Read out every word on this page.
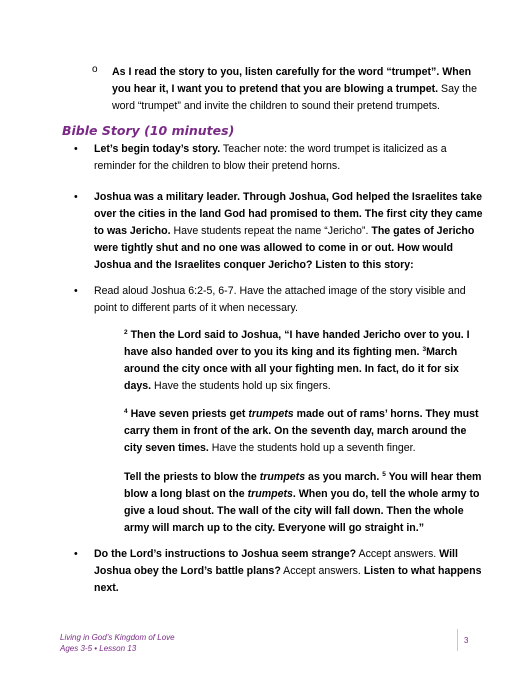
o As I read the story to you, listen carefully for the word “trumpet”. When you hear it, I want you to pretend that you are blowing a trumpet. Say the word “trumpet” and invite the children to sound their pretend trumpets.

Bible Story (10 minutes)
• Let’s begin today’s story. Teacher note: the word trumpet is italicized as a reminder for the children to blow their pretend horns.

• Joshua was a military leader. Through Joshua, God helped the Israelites take over the cities in the land God had promised to them. The first city they came to was Jericho. Have students repeat the name “Jericho”. The gates of Jericho were tightly shut and no one was allowed to come in or out. How would Joshua and the Israelites conquer Jericho? Listen to this story:

• Read aloud Joshua 6:2-5, 6-7. Have the attached image of the story visible and point to different parts of it when necessary.

$^2$ Then the Lord said to Joshua, “I have handed Jericho over to you. I have also handed over to you its king and its fighting men. $^3$March around the city once with all your fighting men. In fact, do it for six days. Have the students hold up six fingers.

$^4$ Have seven priests get trumpets made out of rams’ horns. They must carry them in front of the ark. On the seventh day, march around the city seven times. Have the students hold up a seventh finger.

Tell the priests to blow the trumpets as you march. $^5$ You will hear them blow a long blast on the trumpets. When you do, tell the whole army to give a loud shout. The wall of the city will fall down. Then the whole army will march up to the city. Everyone will go straight in.”

• Do the Lord’s instructions to Joshua seem strange? Accept answers. Will Joshua obey the Lord’s battle plans? Accept answers. Listen to what happens next.

Living in God’s Kingdom of Love
Ages 3-5 • Lesson 13
3
